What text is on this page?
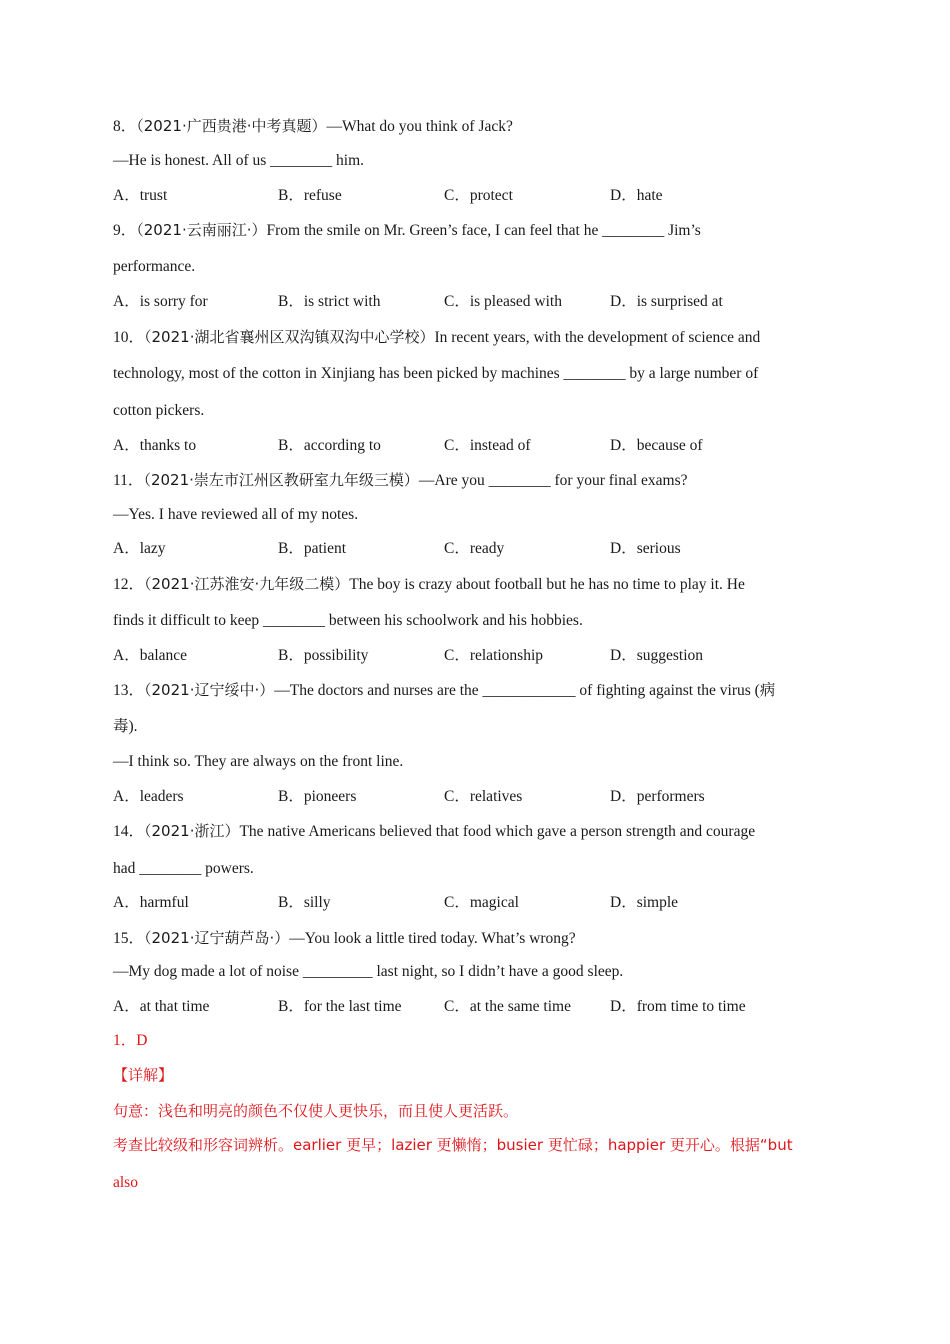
8．（2021·广西贵港·中考真题）—What do you think of Jack?
—He is honest. All of us ________ him.
A．trust	B．refuse	C．protect	D．hate
9．（2021·云南丽江·）From the smile on Mr. Green’s face, I can feel that he ________ Jim’s
performance.
A．is sorry for	B．is strict with	C．is pleased with	D．is surprised at
10．（2021·湖北省襄州区双沟镇双沟中心学校）In recent years, with the development of science and
technology, most of the cotton in Xinjiang has been picked by machines ________ by a large number of
cotton pickers.
A．thanks to	B．according to	C．instead of	D．because of
11．（2021·崇左市江州区教研室九年级三模）—Are you ________ for your final exams?
—Yes. I have reviewed all of my notes.
A．lazy	B．patient	C．ready	D．serious
12．（2021·江苏淮安·九年级二模）The boy is crazy about football but he has no time to play it. He
finds it difficult to keep ________ between his schoolwork and his hobbies.
A．balance	B．possibility	C．relationship	D．suggestion
13．（2021·辽宁绥中·）—The doctors and nurses are the ____________ of fighting against the virus (病
毒).
—I think so. They are always on the front line.
A．leaders	B．pioneers	C．relatives	D．performers
14．（2021·浙江）The native Americans believed that food which gave a person strength and courage
had ________ powers.
A．harmful	B．silly	C．magical	D．simple
15．（2021·辽宁葫芦岛·）—You look a little tired today. What’s wrong?
—My dog made a lot of noise _________ last night, so I didn’t have a good sleep.
A．at that time	B．for the last time	C．at the same time	D．from time to time
1．D
【详解】
句意：浅色和明亮的颜色不仅使人更快乐，而且使人更活跃。
考查比较级和形容词辨析。earlier 更早；lazier 更懒惰；busier 更忙碌；happier 更开心。根据“but
also
